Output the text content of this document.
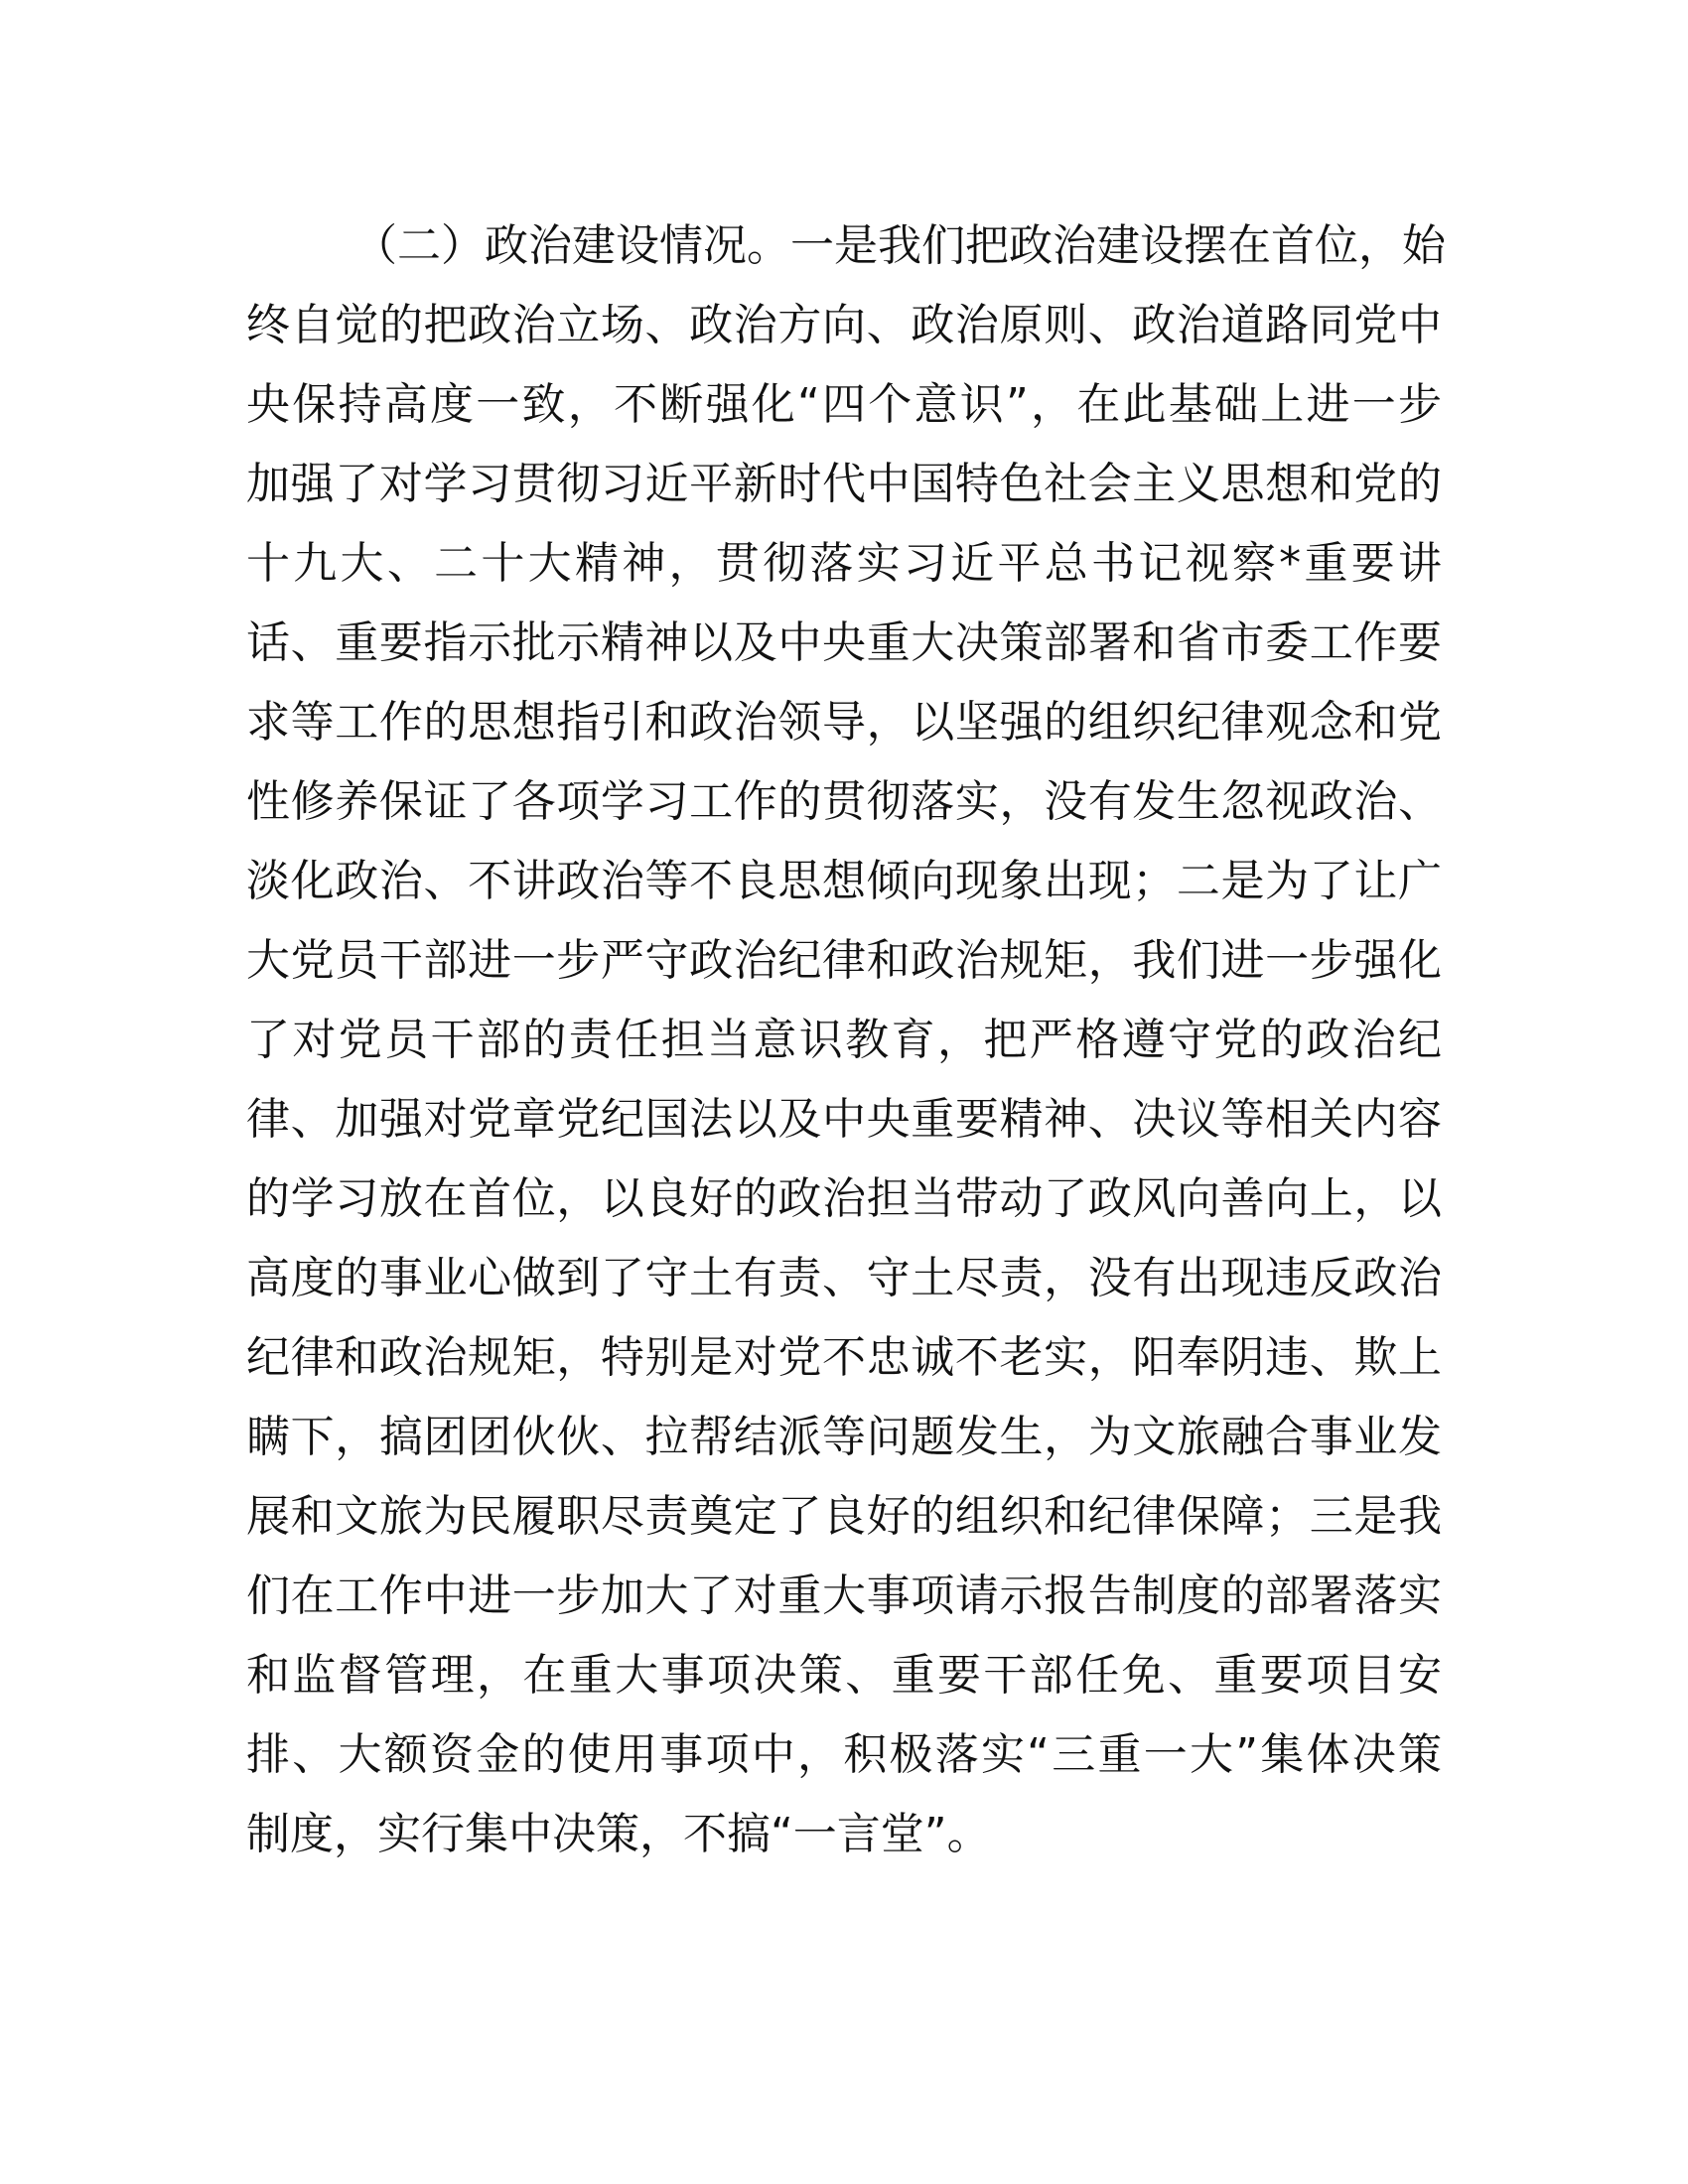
（二）政治建设情况。一是我们把政治建设摆在首位，始
终自觉的把政治立场、政治方向、政治原则、政治道路同党中
央保持高度一致，不断强化“四个意识”，在此基础上进一步
加强了对学习贯彻习近平新时代中国特色社会主义思想和党的
十九大、二十大精神，贯彻落实习近平总书记视察*重要讲
话、重要指示批示精神以及中央重大决策部署和省市委工作要
求等工作的思想指引和政治领导，以坚强的组织纪律观念和党
性修养保证了各项学习工作的贯彻落实，没有发生忽视政治、
淡化政治、不讲政治等不良思想倾向现象出现；二是为了让广
大党员干部进一步严守政治纪律和政治规矩，我们进一步强化
了对党员干部的责任担当意识教育，把严格遵守党的政治纪
律、加强对党章党纪国法以及中央重要精神、决议等相关内容
的学习放在首位，以良好的政治担当带动了政风向善向上，以
高度的事业心做到了守土有责、守土尽责，没有出现违反政治
纪律和政治规矩，特别是对党不忠诚不老实，阳奉阴违、欺上
瞒下，搞团团伙伙、拉帮结派等问题发生，为文旅融合事业发
展和文旅为民履职尽责奠定了良好的组织和纪律保障；三是我
们在工作中进一步加大了对重大事项请示报告制度的部署落实
和监督管理，在重大事项决策、重要干部任免、重要项目安
排、大额资金的使用事项中，积极落实“三重一大”集体决策
制度，实行集中决策，不搞“一言堂”。
